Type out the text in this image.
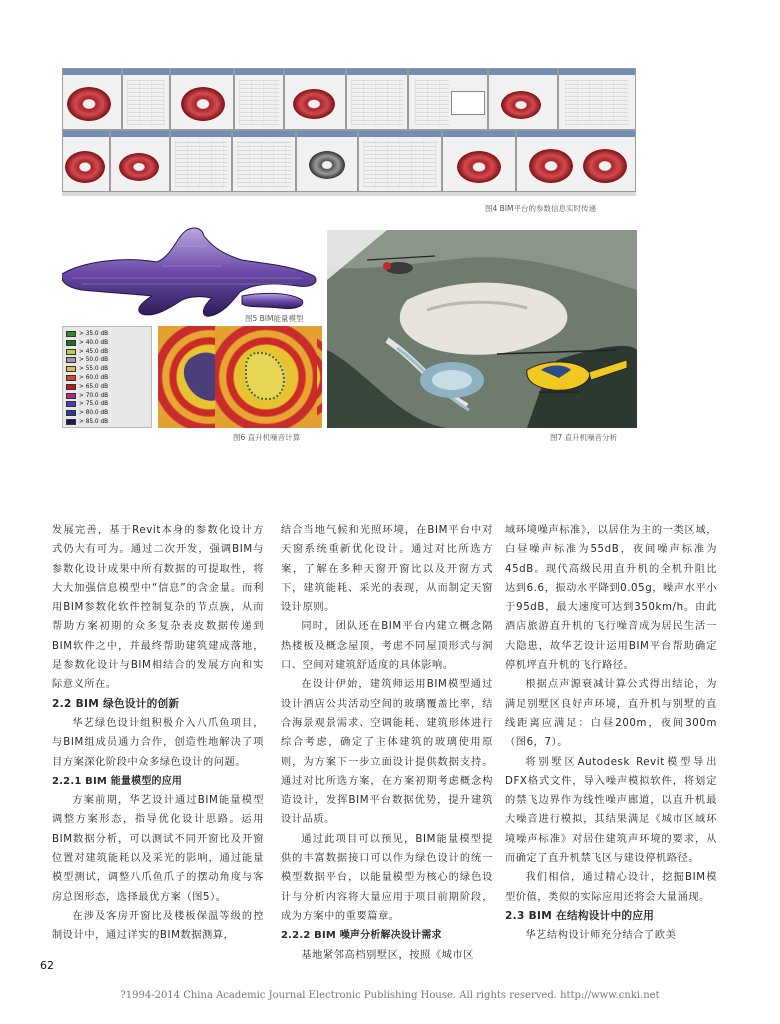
图4 BIM平台的参数信息实时传递
图5 BIM能量模型
> 35.0 dB
> 40.0 dB
> 45.0 dB
> 50.0 dB
> 55.0 dB
> 60.0 dB
> 65.0 dB
> 70.0 dB
> 75.0 dB
> 80.0 dB
> 85.0 dB
图6 直升机噪音计算	图7 直升机噪音分析

发展完善，基于Revit本身的参数化设计方式仍大有可为。通过二次开发，强调BIM与参数化设计成果中所有数据的可提取性，将大大加强信息模型中“信息”的含金量。而利用BIM参数化软件控制复杂的节点族，从而帮助方案初期的众多复杂表皮数据传递到BIM软件之中，并最终帮助建筑建成落地，是参数化设计与BIM相结合的发展方向和实际意义所在。

2.2 BIM 绿色设计的创新

华艺绿色设计组积极介入八爪鱼项目，与BIM组成员通力合作，创造性地解决了项目方案深化阶段中众多绿色设计的问题。

2.2.1 BIM 能量模型的应用

方案前期，华艺设计通过BIM能量模型调整方案形态，指导优化设计思路。运用BIM数据分析，可以测试不同开窗比及开窗位置对建筑能耗以及采光的影响，通过能量模型测试，调整八爪鱼爪子的摆动角度与客房总图形态，选择最优方案（图5）。

在涉及客房开窗比及楼板保温等级的控制设计中，通过详实的BIM数据测算，

结合当地气候和光照环境，在BIM平台中对天窗系统重新优化设计。通过对比所选方案，了解在多种天窗开窗比以及开窗方式下，建筑能耗、采光的表现，从而制定天窗设计原则。

同时，团队还在BIM平台内建立概念隔热楼板及概念屋顶，考虑不同屋顶形式与洞口、空间对建筑舒适度的具体影响。

在设计伊始，建筑师运用BIM模型通过设计酒店公共活动空间的玻璃覆盖比率，结合海景观景需求、空调能耗、建筑形体进行综合考虑，确定了主体建筑的玻璃使用原则，为方案下一步立面设计提供数据支持。通过对比所选方案，在方案初期考虑概念构造设计，发挥BIM平台数据优势，提升建筑设计品质。

通过此项目可以预见，BIM能量模型提供的丰富数据接口可以作为绿色设计的统一模型数据平台，以能量模型为核心的绿色设计与分析内容将大量应用于项目前期阶段，成为方案中的重要篇章。

2.2.2 BIM 噪声分析解决设计需求

基地紧邻高档别墅区，按照《城市区

域环境噪声标准》，以居住为主的一类区域，白昼噪声标准为55dB，夜间噪声标准为45dB。现代高级民用直升机的全机升阻比达到6.6，振动水平降到0.05g，噪声水平小于95dB，最大速度可达到350km/h。由此酒店旅游直升机的飞行噪音成为居民生活一大隐患，故华艺设计运用BIM平台帮助确定停机坪直升机的飞行路径。

根据点声源衰减计算公式得出结论，为满足别墅区良好声环境，直升机与别墅的直线距离应满足：白昼200m，夜间300m（图6，7）。

将别墅区Autodesk Revit模型导出DFX格式文件，导入噪声模拟软件，将划定的禁飞边界作为线性噪声廊道，以直升机最大噪音进行模拟，其结果满足《城市区域环境噪声标准》对居住建筑声环境的要求，从而确定了直升机禁飞区与建设停机路径。

我们相信，通过精心设计，挖掘BIM模型价值，类似的实际应用还将会大量涌现。

2.3 BIM 在结构设计中的应用

华艺结构设计师充分结合了欧美

62
?1994-2014 China Academic Journal Electronic Publishing House. All rights reserved. http://www.cnki.net
